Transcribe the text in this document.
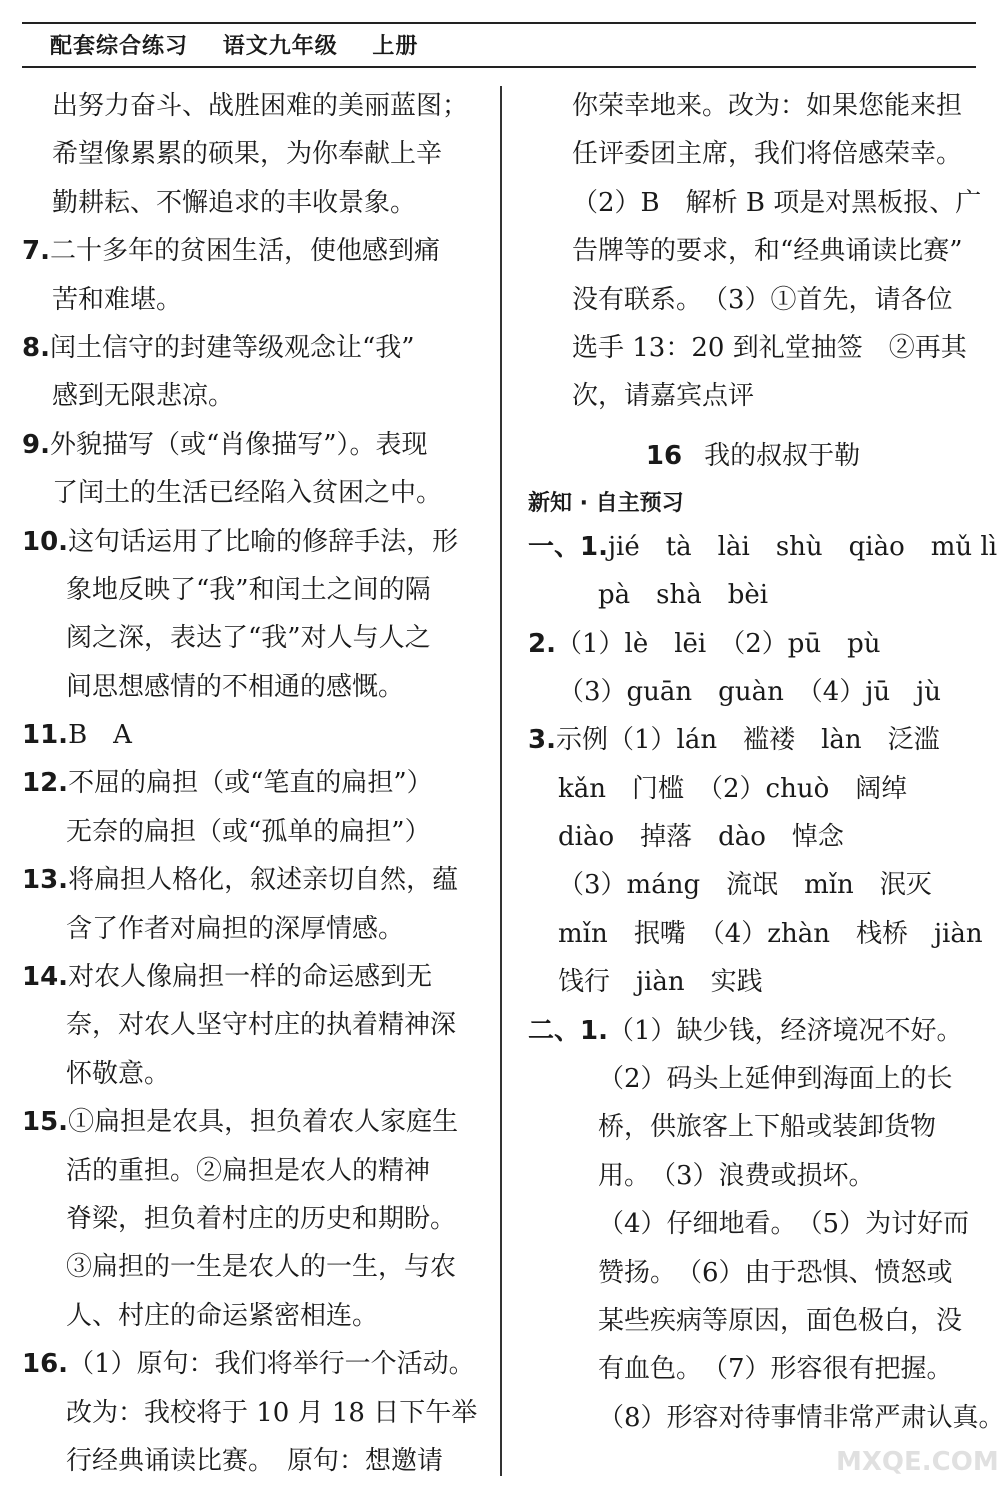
配套综合练习 语文九年级 上册
出努力奋斗、战胜困难的美丽蓝图；
希望像累累的硕果，为你奉献上辛
勤耕耘、不懈追求的丰收景象。
7.二十多年的贫困生活，使他感到痛
苦和难堪。
8.闰土信守的封建等级观念让“我”
感到无限悲凉。
9.外貌描写（或“肖像描写”）。表现
了闰土的生活已经陷入贫困之中。
10.这句话运用了比喻的修辞手法，形
象地反映了“我”和闰土之间的隔
阂之深，表达了“我”对人与人之
间思想感情的不相通的感慨。
11.B　A
12.不屈的扁担（或“笔直的扁担”）
无奈的扁担（或“孤单的扁担”）
13.将扁担人格化，叙述亲切自然，蕴
含了作者对扁担的深厚情感。
14.对农人像扁担一样的命运感到无
奈，对农人坚守村庄的执着精神深
怀敬意。
15.①扁担是农具，担负着农人家庭生
活的重担。②扁担是农人的精神
脊梁，担负着村庄的历史和期盼。
③扁担的一生是农人的一生，与农
人、村庄的命运紧密相连。
16.（1）原句：我们将举行一个活动。
改为：我校将于 10 月 18 日下午举
行经典诵读比赛。　原句：想邀请
你荣幸地来。改为：如果您能来担
任评委团主席，我们将倍感荣幸。
（2）B　解析 B 项是对黑板报、广
告牌等的要求，和“经典诵读比赛”
没有联系。　（3）①首先，请各位
选手 13：20 到礼堂抽签　②再其
次，请嘉宾点评
16 我的叔叔于勒
新知 · 自主预习
一、1.jié　tà　lài　shù　qiào　mǔ lì
pà　shà　bèi
2.（1）lè　lēi　（2）pū　pù
（3）guān　guàn　（4）jū　jù
3.示例（1）lán　褴褛　làn　泛滥
kǎn　门槛　（2）chuò　阔绰
diào　掉落　dào　悼念
（3）máng　流氓　mǐn　泯灭
mǐn　抿嘴　（4）zhàn　栈桥　jiàn
饯行　jiàn　实践
二、1.（1）缺少钱，经济境况不好。
（2）码头上延伸到海面上的长
桥，供旅客上下船或装卸货物
用。　（3）浪费或损坏。
（4）仔细地看。　（5）为讨好而
赞扬。　（6）由于恐惧、愤怒或
某些疾病等原因，面色极白，没
有血色。　（7）形容很有把握。
（8）形容对待事情非常严肃认真。
MXQE.COM
